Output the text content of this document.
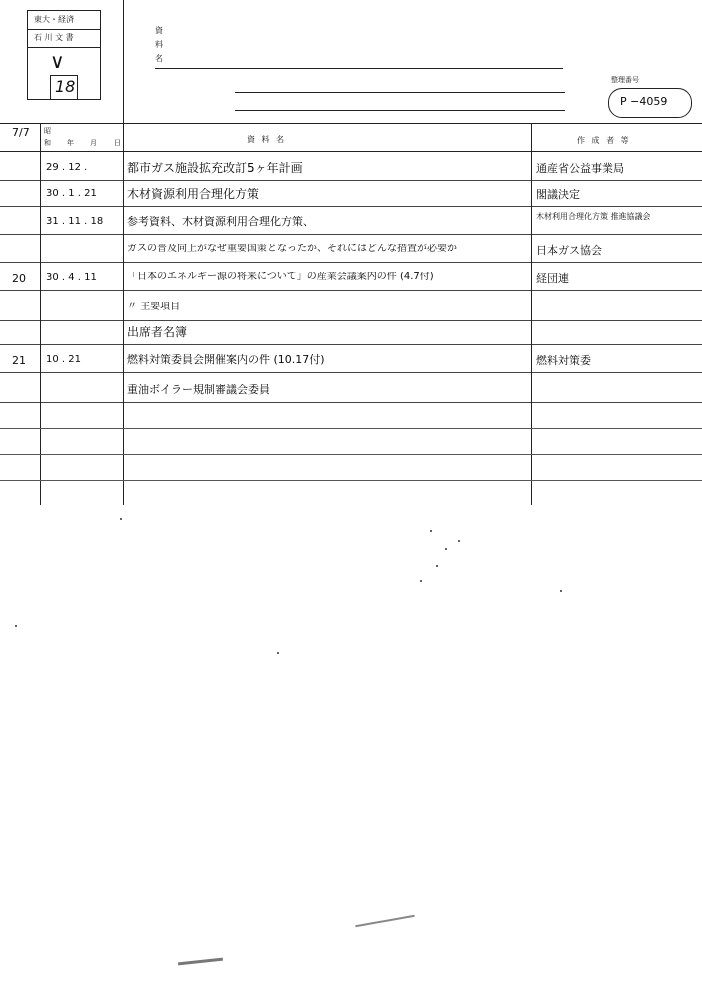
東大・経済
石 川 文 書
∨
18
資
料
名
整理番号
P −4059
7/7 昭
和 年 月 日	資 料 名	作 成 者 等
29 . 12 .	都市ガス施設拡充改訂5ヶ年計画	通産省公益事業局
30 . 1 . 21	木材資源利用合理化方策	閣議決定
31 . 11 . 18 参考資料、木材資源利用合理化方策、	木材利用合理化方策 推進協議会
ガスの普及向上がなぜ重要国策となったか、それにはどんな措置が必要か	日本ガス協会
20 30 . 4 . 11	「日本のエネルギー源の将来について」の産業会議案内の件 (4.7付)	経団連
〃 主要項目
出席者名簿
21 10 . 21	燃料対策委員会開催案内の件 (10.17付)	燃料対策委
重油ボイラー規制審議会委員
